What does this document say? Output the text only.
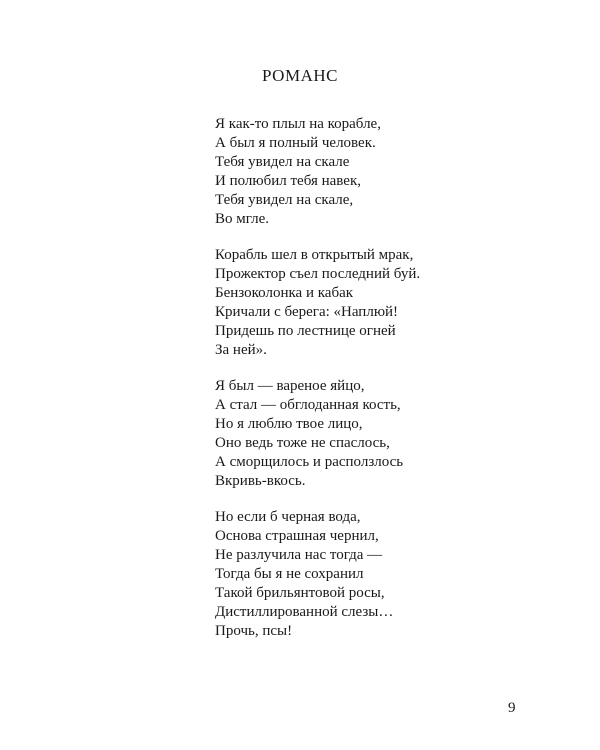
РОМАНС
Я как-то плыл на корабле,
А был я полный человек.
Тебя увидел на скале
И полюбил тебя навек,
Тебя увидел на скале,
Во мгле.
Корабль шел в открытый мрак,
Прожектор съел последний буй.
Бензоколонка и кабак
Кричали с берега: «Наплюй!
Придешь по лестнице огней
За ней».
Я был — вареное яйцо,
А стал — обглоданная кость,
Но я люблю твое лицо,
Оно ведь тоже не спаслось,
А сморщилось и расползлось
Вкривь-вкось.
Но если б черная вода,
Основа страшная чернил,
Не разлучила нас тогда —
Тогда бы я не сохранил
Такой брильянтовой росы,
Дистиллированной слезы…
Прочь, псы!
9
